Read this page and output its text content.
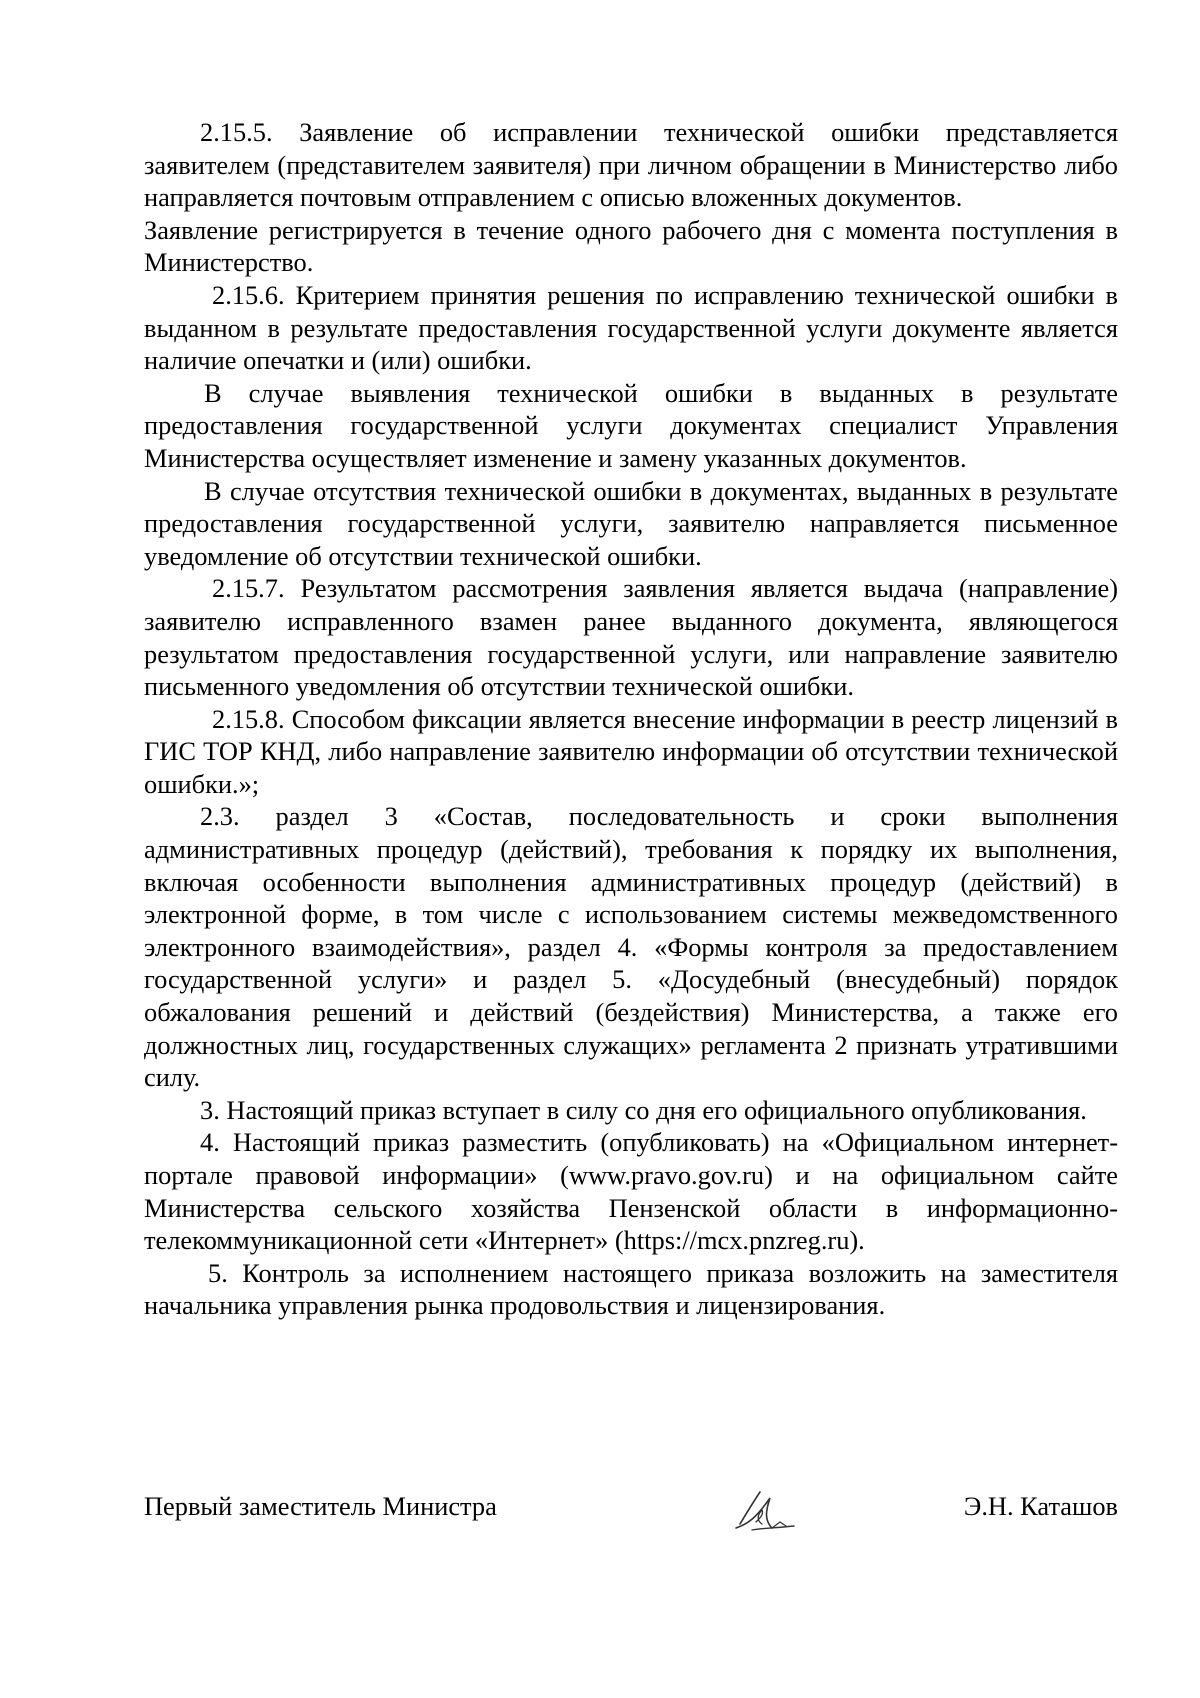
2.15.5. Заявление об исправлении технической ошибки представляется заявителем (представителем заявителя) при личном обращении в Министерство либо направляется почтовым отправлением с описью вложенных документов.

Заявление регистрируется в течение одного рабочего дня с момента поступления в Министерство.

2.15.6. Критерием принятия решения по исправлению технической ошибки в выданном в результате предоставления государственной услуги документе является наличие опечатки и (или) ошибки.

В случае выявления технической ошибки в выданных в результате предоставления государственной услуги документах специалист Управления Министерства осуществляет изменение и замену указанных документов.

В случае отсутствия технической ошибки в документах, выданных в результате предоставления государственной услуги, заявителю направляется письменное уведомление об отсутствии технической ошибки.

2.15.7. Результатом рассмотрения заявления является выдача (направление) заявителю исправленного взамен ранее выданного документа, являющегося результатом предоставления государственной услуги, или направление заявителю письменного уведомления об отсутствии технической ошибки.

2.15.8. Способом фиксации является внесение информации в реестр лицензий в ГИС ТОР КНД, либо направление заявителю информации об отсутствии технической ошибки.»;

2.3. раздел 3 «Состав, последовательность и сроки выполнения административных процедур (действий), требования к порядку их выполнения, включая особенности выполнения административных процедур (действий) в электронной форме, в том числе с использованием системы межведомственного электронного взаимодействия», раздел 4. «Формы контроля за предоставлением государственной услуги» и раздел 5. «Досудебный (внесудебный) порядок обжалования решений и действий (бездействия) Министерства, а также его должностных лиц, государственных служащих» регламента 2 признать утратившими силу.

3. Настоящий приказ вступает в силу со дня его официального опубликования.

4. Настоящий приказ разместить (опубликовать) на «Официальном интернет-портале правовой информации» (www.pravo.gov.ru) и на официальном сайте Министерства сельского хозяйства Пензенской области в информационно-телекоммуникационной сети «Интернет» (https://mcx.pnzreg.ru).

5. Контроль за исполнением настоящего приказа возложить на заместителя начальника управления рынка продовольствия и лицензирования.

Первый заместитель Министра	Э.Н. Каташов
